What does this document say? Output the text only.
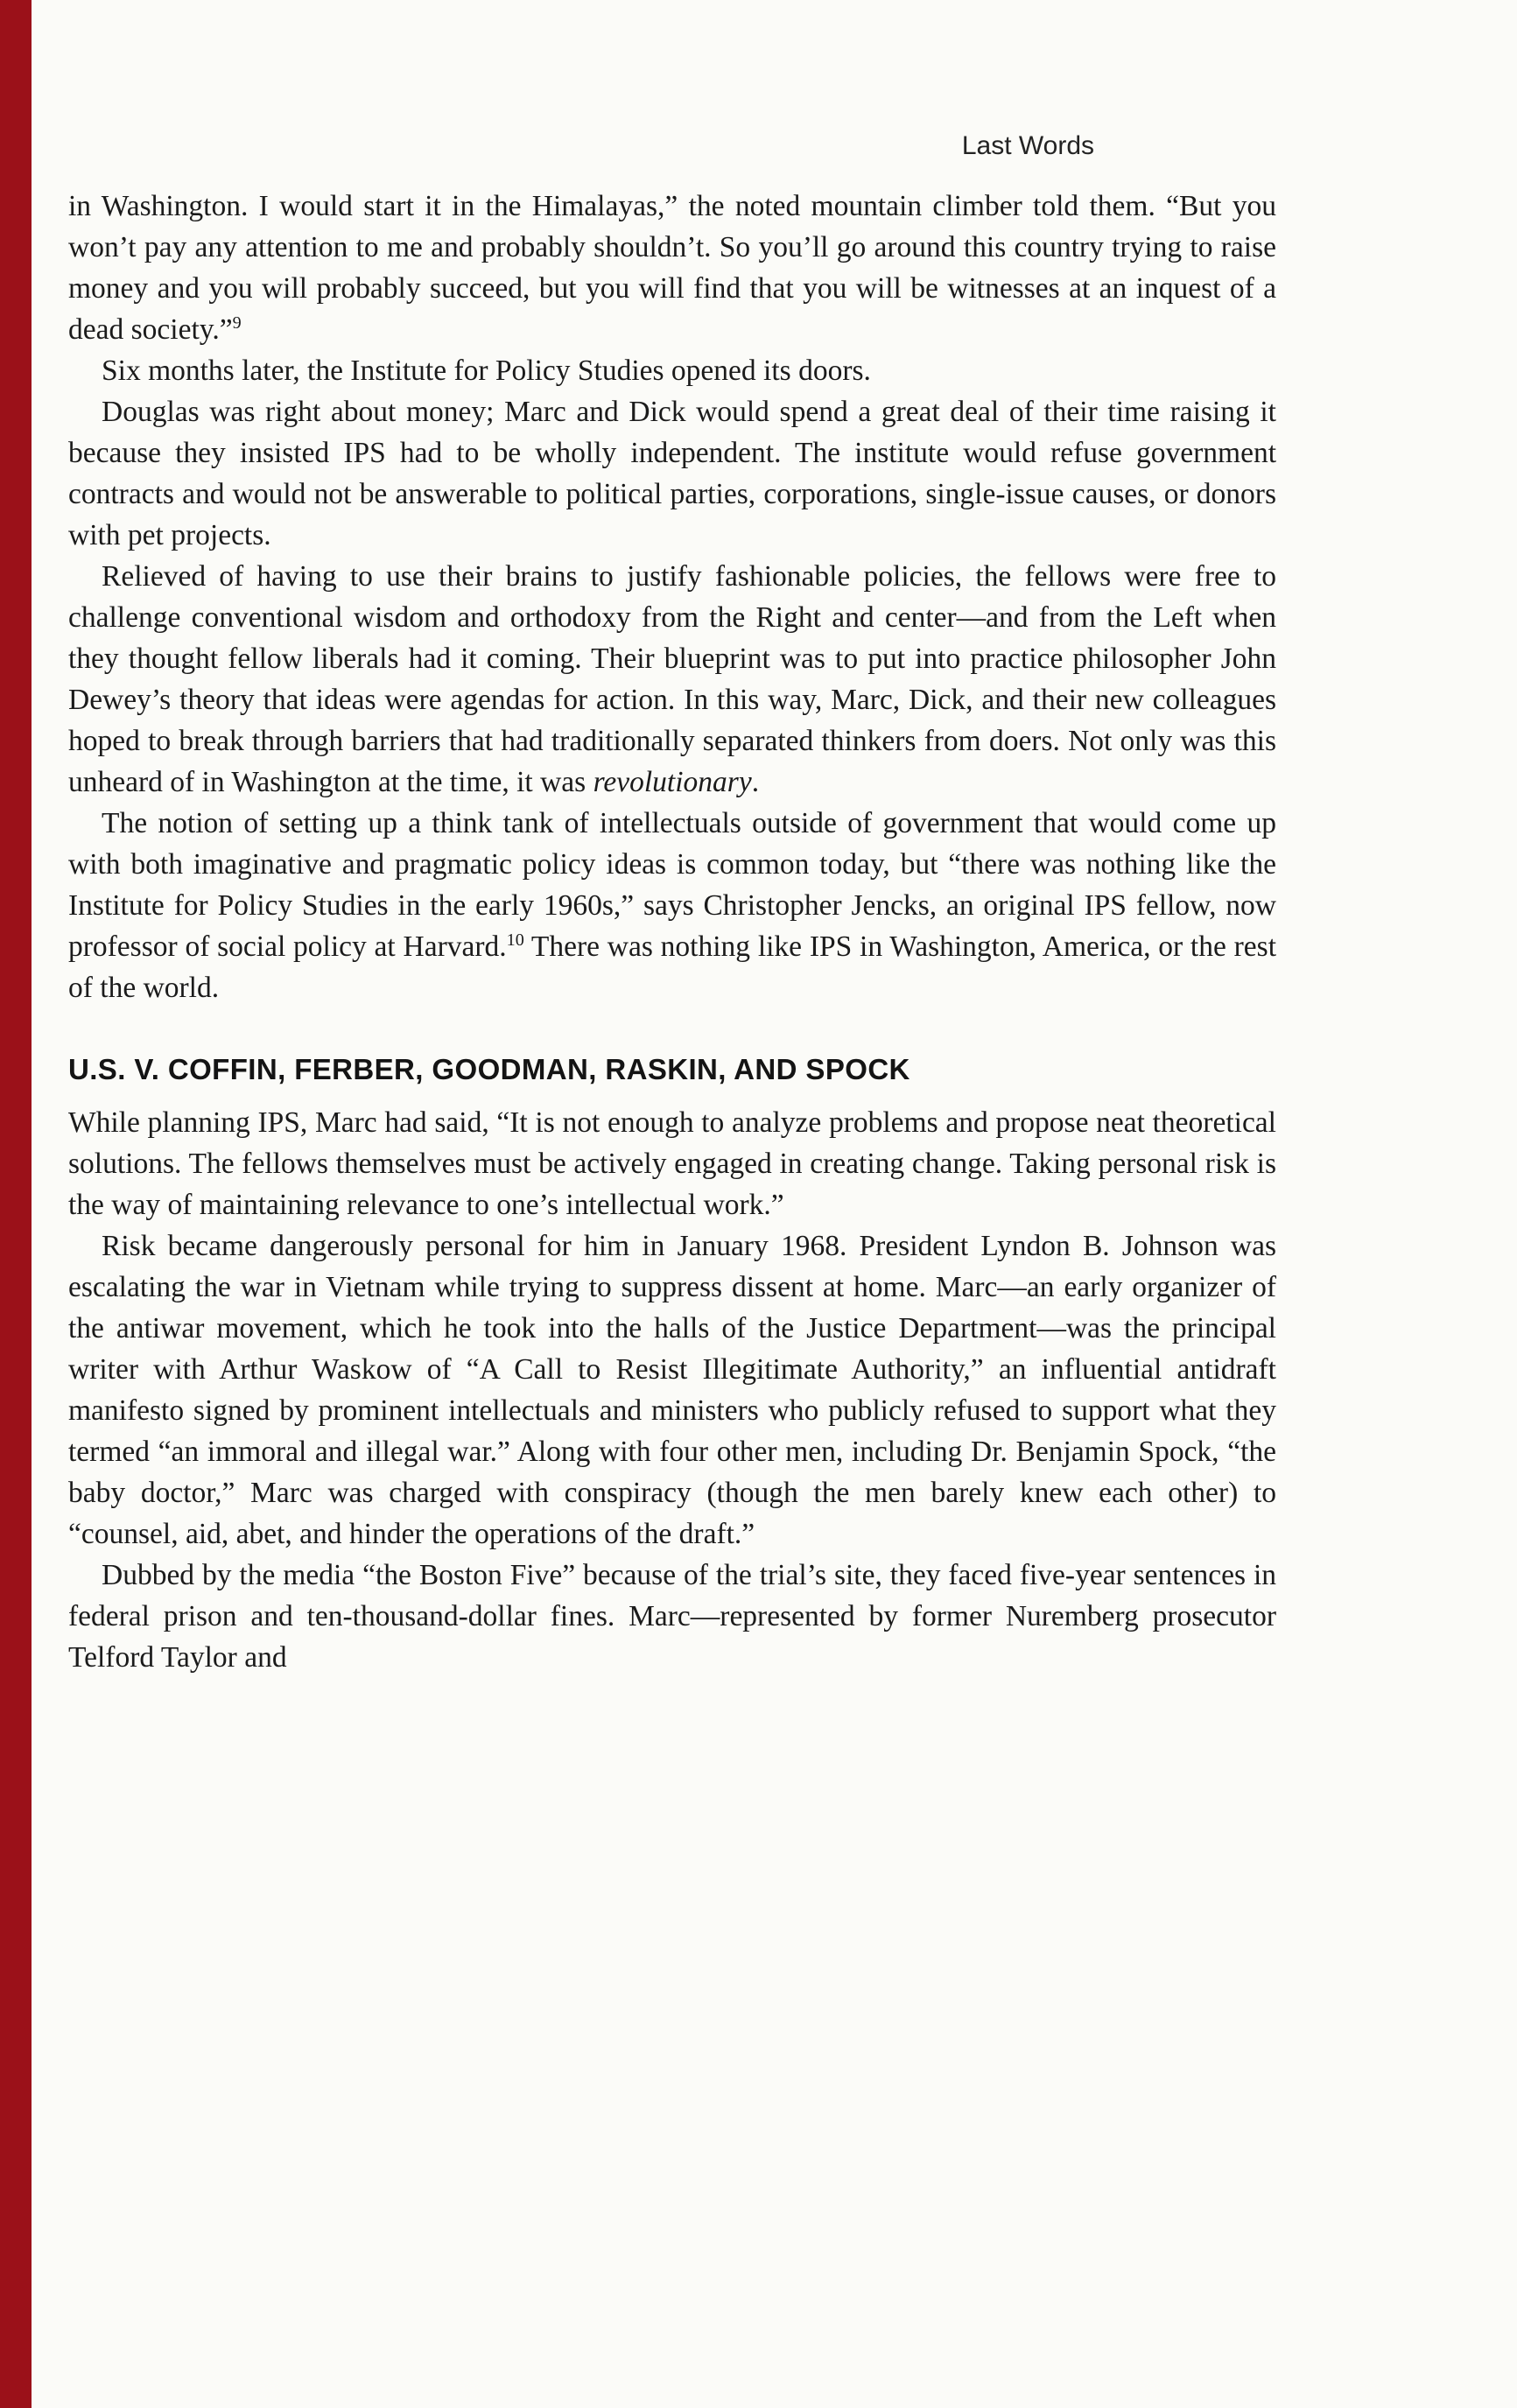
Last Words

in Washington. I would start it in the Himalayas,” the noted mountain climber told them. “But you won’t pay any attention to me and probably shouldn’t. So you’ll go around this country trying to raise money and you will probably succeed, but you will find that you will be witnesses at an inquest of a dead society.”$^9$

Six months later, the Institute for Policy Studies opened its doors.

Douglas was right about money; Marc and Dick would spend a great deal of their time raising it because they insisted IPS had to be wholly independent. The institute would refuse government contracts and would not be answerable to political parties, corporations, single-issue causes, or donors with pet projects.

Relieved of having to use their brains to justify fashionable policies, the fellows were free to challenge conventional wisdom and orthodoxy from the Right and center—and from the Left when they thought fellow liberals had it coming. Their blueprint was to put into practice philosopher John Dewey’s theory that ideas were agendas for action. In this way, Marc, Dick, and their new colleagues hoped to break through barriers that had traditionally separated thinkers from doers. Not only was this unheard of in Washington at the time, it was revolutionary.

The notion of setting up a think tank of intellectuals outside of government that would come up with both imaginative and pragmatic policy ideas is common today, but “there was nothing like the Institute for Policy Studies in the early 1960s,” says Christopher Jencks, an original IPS fellow, now professor of social policy at Harvard.$^{10}$ There was nothing like IPS in Washington, America, or the rest of the world.

U.S. V. COFFIN, FERBER, GOODMAN, RASKIN, AND SPOCK

While planning IPS, Marc had said, “It is not enough to analyze problems and propose neat theoretical solutions. The fellows themselves must be actively engaged in creating change. Taking personal risk is the way of maintaining relevance to one’s intellectual work.”

Risk became dangerously personal for him in January 1968. President Lyndon B. Johnson was escalating the war in Vietnam while trying to suppress dissent at home. Marc—an early organizer of the antiwar movement, which he took into the halls of the Justice Department—was the principal writer with Arthur Waskow of “A Call to Resist Illegitimate Authority,” an influential antidraft manifesto signed by prominent intellectuals and ministers who publicly refused to support what they termed “an immoral and illegal war.” Along with four other men, including Dr. Benjamin Spock, “the baby doctor,” Marc was charged with conspiracy (though the men barely knew each other) to “counsel, aid, abet, and hinder the operations of the draft.”

Dubbed by the media “the Boston Five” because of the trial’s site, they faced five-year sentences in federal prison and ten-thousand-dollar fines. Marc—represented by former Nuremberg prosecutor Telford Taylor and
